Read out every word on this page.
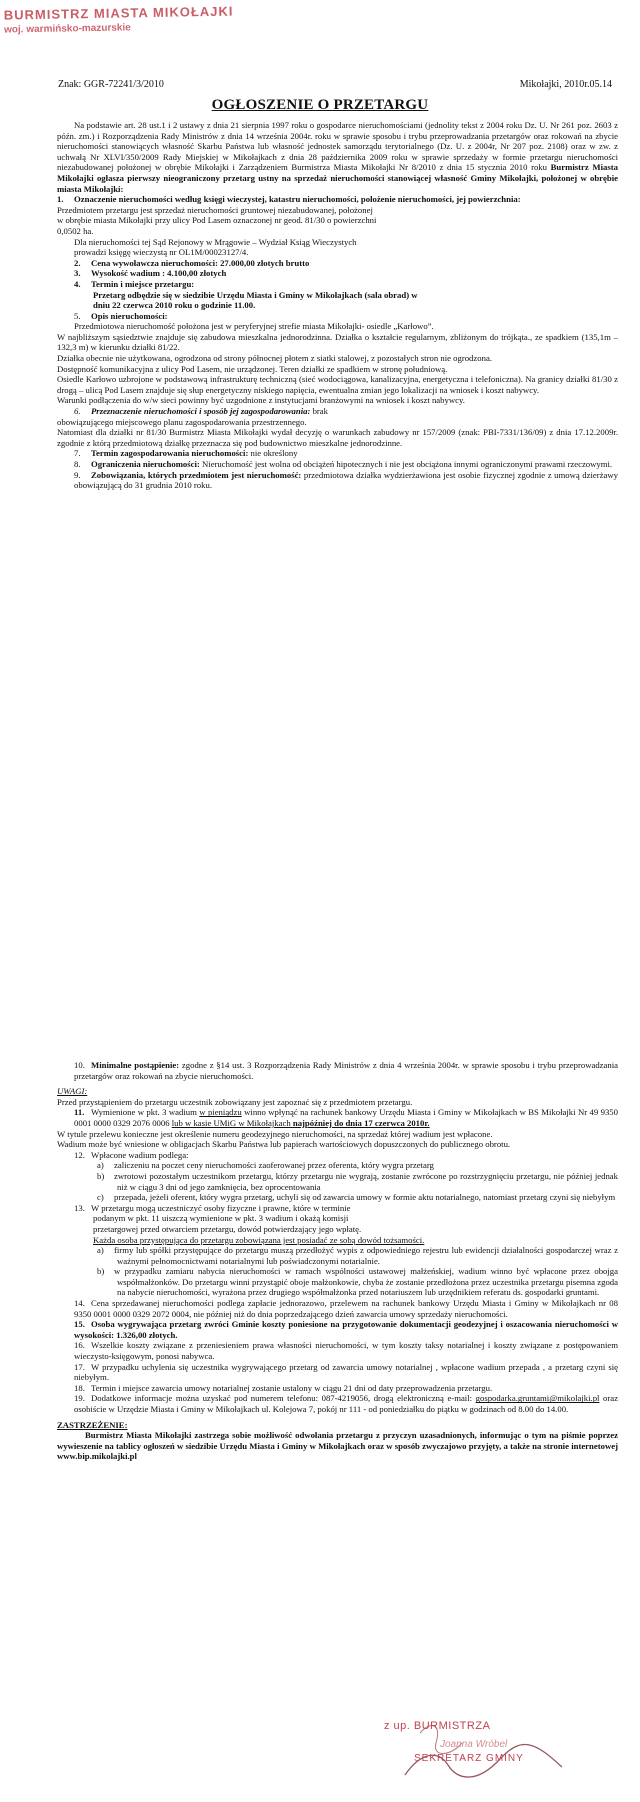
BURMISTRZ MIASTA MIKOŁAJKI
woj. warmińsko-mazurskie
Znak: GGR-72241/3/2010	Mikołajki, 2010r.05.14
OGŁOSZENIE O PRZETARGU

Na podstawie art. 28 ust.1 i 2 ustawy z dnia 21 sierpnia 1997 roku o gospodarce nieruchomościami (jednolity tekst z 2004 roku Dz. U. Nr 261 poz. 2603 z późn. zm.) i Rozporządzenia Rady Ministrów z dnia 14 września 2004r. roku w sprawie sposobu i trybu przeprowadzania przetargów oraz rokowań na zbycie nieruchomości stanowiących własność Skarbu Państwa lub własność jednostek samorządu terytorialnego (Dz. U. z 2004r, Nr 207 poz. 2108) oraz w zw. z uchwałą Nr XLVI/350/2009 Rady Miejskiej w Mikołajkach z dnia 28 października 2009 roku w sprawie sprzedaży w formie przetargu nieruchomości niezabudowanej położonej w obrębie Mikołajki i Zarządzeniem Burmistrza Miasta Mikołajki Nr 8/2010 z dnia 15 stycznia 2010 roku Burmistrz Miasta Mikołajki ogłasza pierwszy nieograniczony przetarg ustny na sprzedaż nieruchomości stanowiącej własność Gminy Mikołajki, położonej w obrębie miasta Mikołajki:

1. Oznaczenie nieruchomości według księgi wieczystej, katastru nieruchomości, położenie nieruchomości, jej powierzchnia:

Przedmiotem przetargu jest sprzedaż nieruchomości gruntowej niezabudowanej, położonej

w obrębie miasta Mikołajki przy ulicy Pod Lasem oznaczonej nr geod. 81/30 o powierzchni

0,0502 ha.

Dla nieruchomości tej Sąd Rejonowy w Mrągowie – Wydział Ksiąg Wieczystych

prowadzi księgę wieczystą nr OL1M/00023127/4.

2. Cena wywoławcza nieruchomości: 27.000,00 złotych brutto

3. Wysokość wadium : 4.100,00 złotych

4. Termin i miejsce przetargu:

Przetarg odbędzie się w siedzibie Urzędu Miasta i Gminy w Mikołajkach (sala obrad) w

dniu 22 czerwca 2010 roku o godzinie 11.00.

5. Opis nieruchomości:

Przedmiotowa nieruchomość położona jest w peryferyjnej strefie miasta Mikołajki- osiedle „Karłowo”.

W najbliższym sąsiedztwie znajduje się zabudowa mieszkalna jednorodzinna. Działka o kształcie regularnym, zbliżonym do trójkąta., ze spadkiem (135,1m – 132,3 m) w kierunku działki 81/22.

Działka obecnie nie użytkowana, ogrodzona od strony północnej płotem z siatki stalowej, z pozostałych stron nie ogrodzona.

Dostępność komunikacyjna z ulicy Pod Lasem, nie urządzonej. Teren działki ze spadkiem w stronę południową.

Osiedle Karłowo uzbrojone w podstawową infrastrukturę techniczną (sieć wodociągowa, kanalizacyjna, energetyczna i telefoniczna). Na granicy działki 81/30 z drogą – ulicą Pod Lasem znajduje się słup energetyczny niskiego napięcia, ewentualna zmian jego lokalizacji na wniosek i koszt nabywcy.

Warunki podłączenia do w/w sieci powinny być uzgodnione z instytucjami branżowymi na wniosek i koszt nabywcy.

6. Przeznaczenie nieruchomości i sposób jej zagospodarowania: brak

obowiązującego miejscowego planu zagospodarowania przestrzennego.

Natomiast dla działki nr 81/30 Burmistrz Miasta Mikołajki wydał decyzję o warunkach zabudowy nr 157/2009 (znak: PBI-7331/136/09) z dnia 17.12.2009r. zgodnie z którą przedmiotową działkę przeznacza się pod budownictwo mieszkalne jednorodzinne.

7. Termin zagospodarowania nieruchomości: nie określony

8. Ograniczenia nieruchomości: Nieruchomość jest wolna od obciążeń hipotecznych i nie jest obciążona innymi ograniczonymi prawami rzeczowymi.

9. Zobowiązania, których przedmiotem jest nieruchomość: przedmiotowa działka wydzierżawiona jest osobie fizycznej zgodnie z umową dzierżawy obowiązującą do 31 grudnia 2010 roku.

10. Minimalne postąpienie: zgodne z §14 ust. 3 Rozporządzenia Rady Ministrów z dnia 4 września 2004r. w sprawie sposobu i trybu przeprowadzania przetargów oraz rokowań na zbycie nieruchomości.

UWAGI:

Przed przystąpieniem do przetargu uczestnik zobowiązany jest zapoznać się z przedmiotem przetargu.

11. Wymienione w pkt. 3 wadium w pieniądzu winno wpłynąć na rachunek bankowy Urzędu Miasta i Gminy w Mikołajkach w BS Mikołajki Nr 49 9350 0001 0000 0329 2076 0006 lub w kasie UMiG w Mikołajkach najpóźniej do dnia 17 czerwca 2010r.

W tytule przelewu konieczne jest określenie numeru geodezyjnego nieruchomości, na sprzedaż której wadium jest wpłacone.

Wadium może być wniesione w obligacjach Skarbu Państwa lub papierach wartościowych dopuszczonych do publicznego obrotu.

12. Wpłacone wadium podlega:

a) zaliczeniu na poczet ceny nieruchomości zaoferowanej przez oferenta, który wygra przetarg

b) zwrotowi pozostałym uczestnikom przetargu, którzy przetargu nie wygrają, zostanie zwrócone po rozstrzygnięciu przetargu, nie później jednak niż w ciągu 3 dni od jego zamknięcia, bez oprocentowania

c) przepada, jeżeli oferent, który wygra przetarg, uchyli się od zawarcia umowy w formie aktu notarialnego, natomiast przetarg czyni się niebyłym

13. W przetargu mogą uczestniczyć osoby fizyczne i prawne, które w terminie

podanym w pkt. 11 uiszczą wymienione w pkt. 3 wadium i okażą komisji

przetargowej przed otwarciem przetargu, dowód potwierdzający jego wpłatę.

Każda osoba przystępująca do przetargu zobowiązana jest posiadać ze sobą dowód tożsamości.

a) firmy lub spółki przystępujące do przetargu muszą przedłożyć wypis z odpowiedniego rejestru lub ewidencji działalności gospodarczej wraz z ważnymi pełnomocnictwami notarialnymi lub poświadczonymi notarialnie.

b) w przypadku zamiaru nabycia nieruchomości w ramach wspólności ustawowej małżeńskiej, wadium winno być wpłacone przez obojga współmałżonków. Do przetargu winni przystąpić oboje małżonkowie, chyba że zostanie przedłożona przez uczestnika przetargu pisemna zgoda na nabycie nieruchomości, wyrażona przez drugiego współmałżonka przed notariuszem lub urzędnikiem referatu ds. gospodarki gruntami.

14. Cena sprzedawanej nieruchomości podlega zapłacie jednorazowo, przelewem na rachunek bankowy Urzędu Miasta i Gminy w Mikołajkach nr 08 9350 0001 0000 0329 2072 0004, nie później niż do dnia poprzedzającego dzień zawarcia umowy sprzedaży nieruchomości.

15. Osoba wygrywająca przetarg zwróci Gminie koszty poniesione na przygotowanie dokumentacji geodezyjnej i oszacowania nieruchomości w wysokości: 1.326,00 złotych.

16. Wszelkie koszty związane z przeniesieniem prawa własności nieruchomości, w tym koszty taksy notarialnej i koszty związane z postępowaniem wieczysto-księgowym, ponosi nabywca.

17. W przypadku uchylenia się uczestnika wygrywającego przetarg od zawarcia umowy notarialnej , wpłacone wadium przepada , a przetarg czyni się niebyłym.

18. Termin i miejsce zawarcia umowy notarialnej zostanie ustalony w ciągu 21 dni od daty przeprowadzenia przetargu.

19. Dodatkowe informacje można uzyskać pod numerem telefonu: 087-4219056, drogą elektroniczną e-mail: gospodarka.gruntami@mikolajki.pl oraz osobiście w Urzędzie Miasta i Gminy w Mikołajkach ul. Kolejowa 7, pokój nr 111 - od poniedziałku do piątku w godzinach od 8.00 do 14.00.

ZASTRZEŻENIE:

Burmistrz Miasta Mikołajki zastrzega sobie możliwość odwołania przetargu z przyczyn uzasadnionych, informując o tym na piśmie poprzez wywieszenie na tablicy ogłoszeń w siedzibie Urzędu Miasta i Gminy w Mikołajkach oraz w sposób zwyczajowo przyjęty, a także na stronie internetowej www.bip.mikolajki.pl

z up. BURMISTRZA
Joanna Wróbel
SEKRETARZ GMINY
